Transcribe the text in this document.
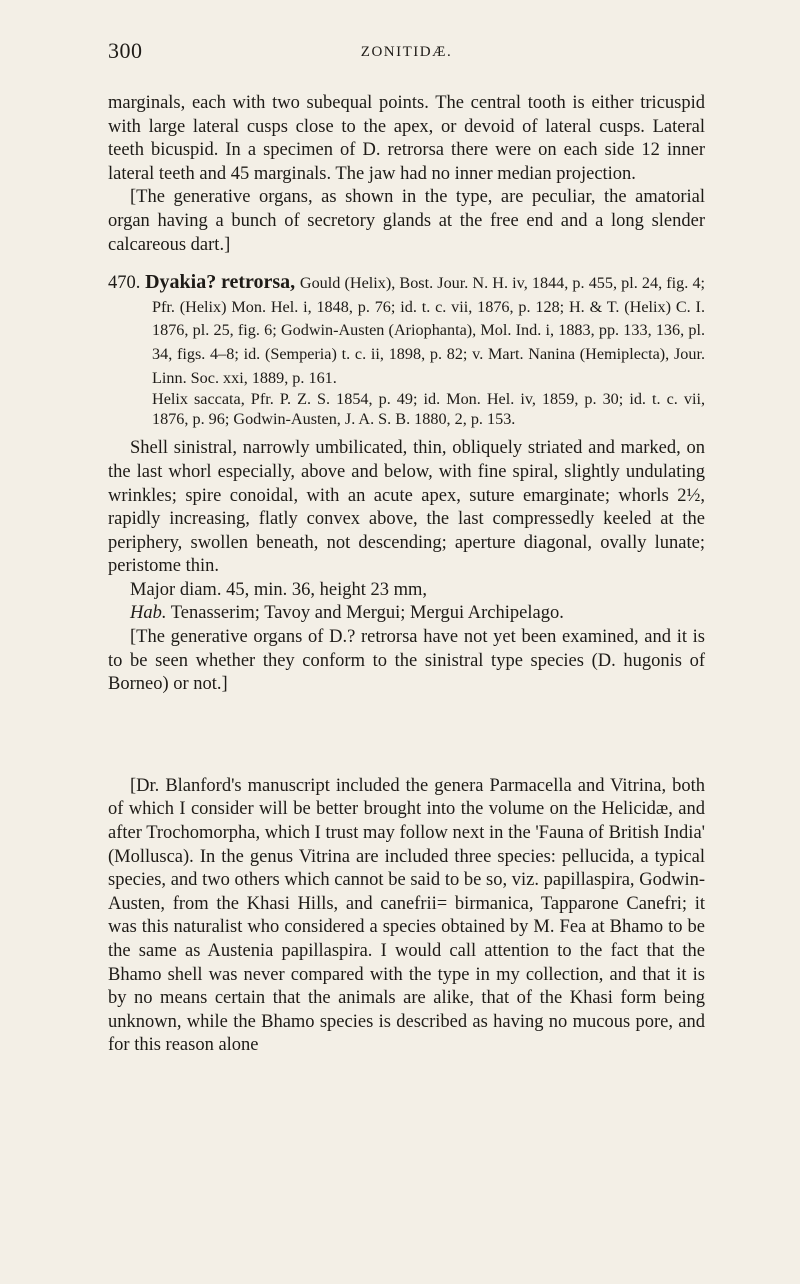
300	ZONITIDÆ.

marginals, each with two subequal points. The central tooth is either tricuspid with large lateral cusps close to the apex, or devoid of lateral cusps. Lateral teeth bicuspid. In a specimen of D. retrorsa there were on each side 12 inner lateral teeth and 45 marginals. The jaw had no inner median projection.

[The generative organs, as shown in the type, are peculiar, the amatorial organ having a bunch of secretory glands at the free end and a long slender calcareous dart.]

470. Dyakia? retrorsa, Gould (Helix), Bost. Jour. N. H. iv, 1844, p. 455, pl. 24, fig. 4; Pfr. (Helix) Mon. Hel. i, 1848, p. 76; id. t. c. vii, 1876, p. 128; H. & T. (Helix) C. I. 1876, pl. 25, fig. 6; Godwin-Austen (Ariophanta), Mol. Ind. i, 1883, pp. 133, 136, pl. 34, figs. 4–8; id. (Semperia) t. c. ii, 1898, p. 82; v. Mart. Nanina (Hemiplecta), Jour. Linn. Soc. xxi, 1889, p. 161.

Helix saccata, Pfr. P. Z. S. 1854, p. 49; id. Mon. Hel. iv, 1859, p. 30; id. t. c. vii, 1876, p. 96; Godwin-Austen, J. A. S. B. 1880, 2, p. 153.

Shell sinistral, narrowly umbilicated, thin, obliquely striated and marked, on the last whorl especially, above and below, with fine spiral, slightly undulating wrinkles; spire conoidal, with an acute apex, suture emarginate; whorls 2½, rapidly increasing, flatly convex above, the last compressedly keeled at the periphery, swollen beneath, not descending; aperture diagonal, ovally lunate; peristome thin.

Major diam. 45, min. 36, height 23 mm,

Hab. Tenasserim; Tavoy and Mergui; Mergui Archipelago.

[The generative organs of D.? retrorsa have not yet been examined, and it is to be seen whether they conform to the sinistral type species (D. hugonis of Borneo) or not.]

[Dr. Blanford's manuscript included the genera Parmacella and Vitrina, both of which I consider will be better brought into the volume on the Helicidæ, and after Trochomorpha, which I trust may follow next in the 'Fauna of British India' (Mollusca). In the genus Vitrina are included three species: pellucida, a typical species, and two others which cannot be said to be so, viz. papillaspira, Godwin-Austen, from the Khasi Hills, and canefrii= birmanica, Tapparone Canefri; it was this naturalist who considered a species obtained by M. Fea at Bhamo to be the same as Austenia papillaspira. I would call attention to the fact that the Bhamo shell was never compared with the type in my collection, and that it is by no means certain that the animals are alike, that of the Khasi form being unknown, while the Bhamo species is described as having no mucous pore, and for this reason alone
